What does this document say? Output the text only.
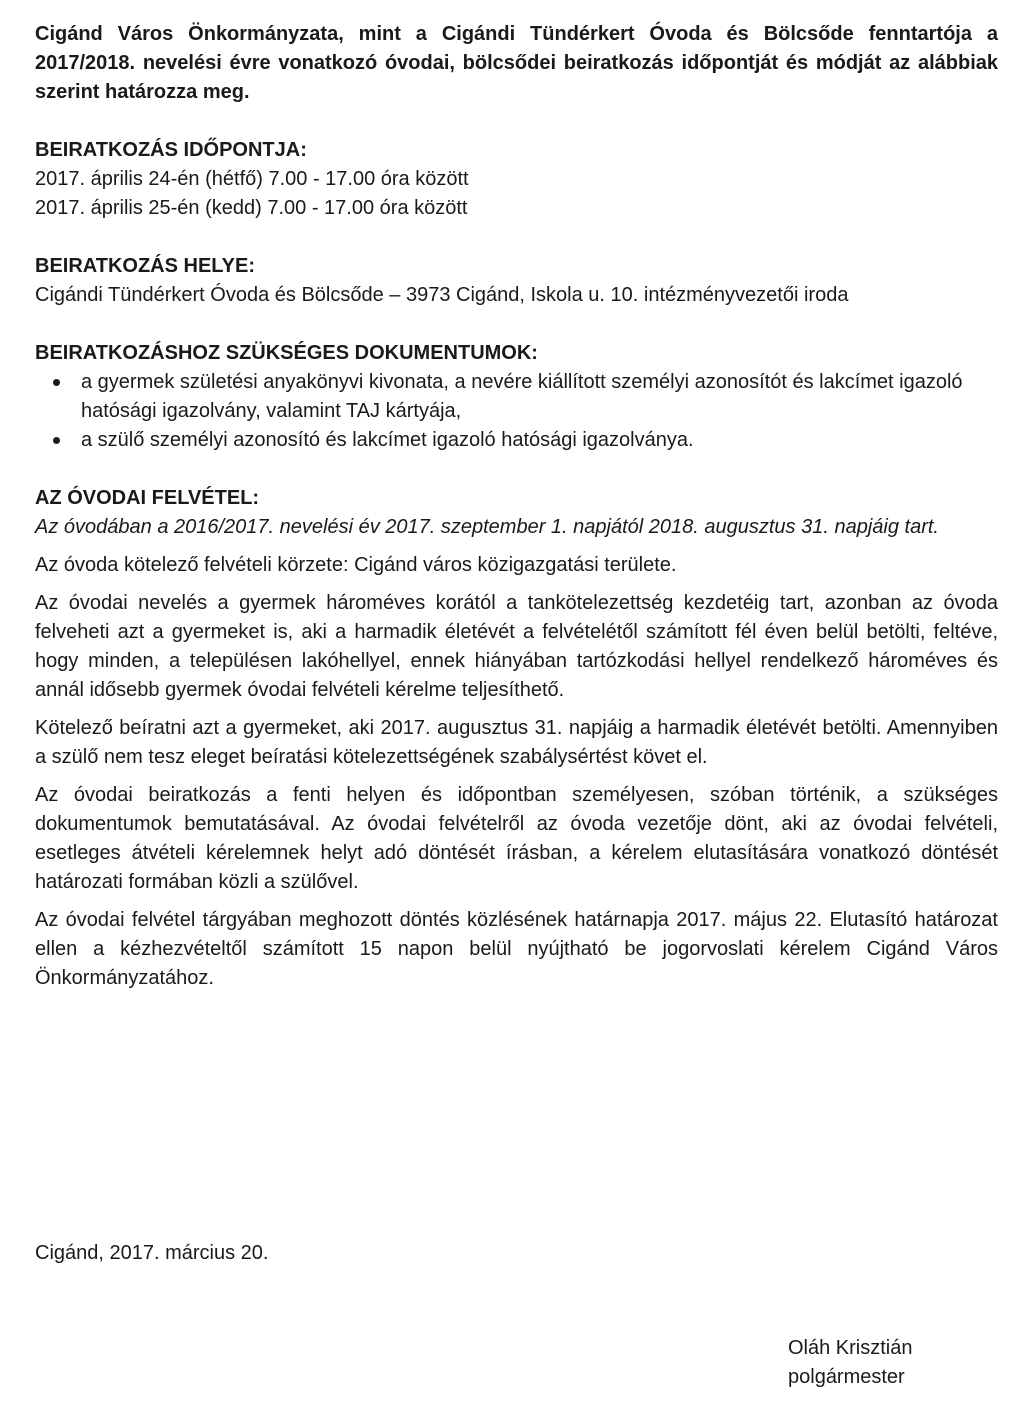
Cigánd Város Önkormányzata, mint a Cigándi Tündérkert Óvoda és Bölcsőde fenntartója a 2017/2018. nevelési évre vonatkozó óvodai, bölcsődei beiratkozás időpontját és módját az alábbiak szerint határozza meg.

BEIRATKOZÁS IDŐPONTJA:

2017. április 24-én (hétfő) 7.00 - 17.00 óra között

2017. április 25-én (kedd) 7.00 - 17.00 óra között

BEIRATKOZÁS HELYE:

Cigándi Tündérkert Óvoda és Bölcsőde – 3973 Cigánd, Iskola u. 10. intézményvezetői iroda

BEIRATKOZÁSHOZ SZÜKSÉGES DOKUMENTUMOK:

a gyermek születési anyakönyvi kivonata, a nevére kiállított személyi azonosítót és lakcímet igazoló hatósági igazolvány, valamint TAJ kártyája,
a szülő személyi azonosító és lakcímet igazoló hatósági igazolványa.

AZ ÓVODAI FELVÉTEL:

Az óvodában a 2016/2017. nevelési év 2017. szeptember 1. napjától 2018. augusztus 31. napjáig tart.

Az óvoda kötelező felvételi körzete: Cigánd város közigazgatási területe.

Az óvodai nevelés a gyermek hároméves korától a tankötelezettség kezdetéig tart, azonban az óvoda felveheti azt a gyermeket is, aki a harmadik életévét a felvételétől számított fél éven belül betölti, feltéve, hogy minden, a településen lakóhellyel, ennek hiányában tartózkodási hellyel rendelkező hároméves és annál idősebb gyermek óvodai felvételi kérelme teljesíthető.

Kötelező beíratni azt a gyermeket, aki 2017. augusztus 31. napjáig a harmadik életévét betölti. Amennyiben a szülő nem tesz eleget beíratási kötelezettségének szabálysértést követ el.

Az óvodai beiratkozás a fenti helyen és időpontban személyesen, szóban történik, a szükséges dokumentumok bemutatásával. Az óvodai felvételről az óvoda vezetője dönt, aki az óvodai felvételi, esetleges átvételi kérelemnek helyt adó döntését írásban, a kérelem elutasítására vonatkozó döntését határozati formában közli a szülővel.

Az óvodai felvétel tárgyában meghozott döntés közlésének határnapja 2017. május 22. Elutasító határozat ellen a kézhezvételtől számított 15 napon belül nyújtható be jogorvoslati kérelem Cigánd Város Önkormányzatához.

Cigánd, 2017. március 20.

Oláh Krisztián

polgármester
